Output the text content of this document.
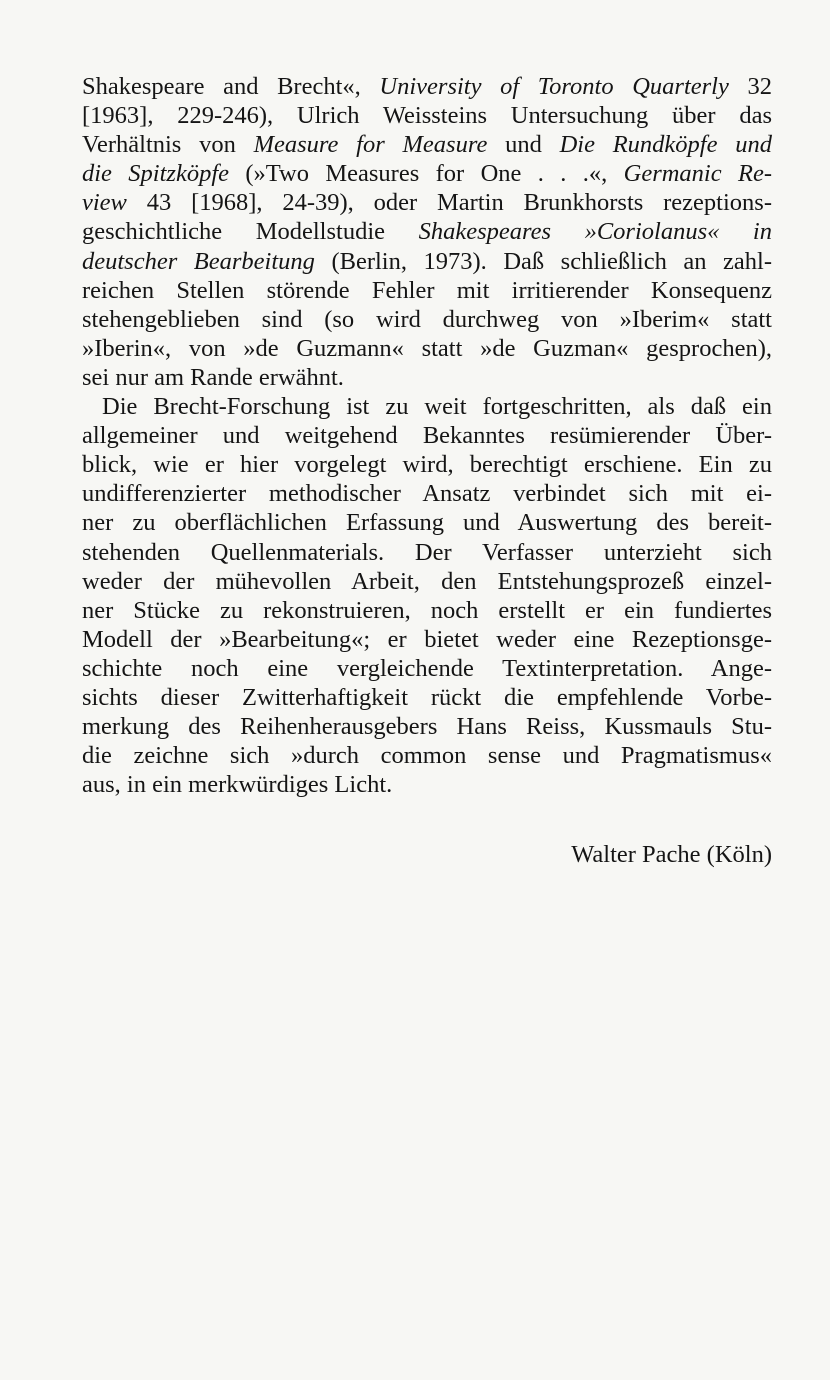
Shakespeare and Brecht«, University of Toronto Quarterly 32
[1963], 229-246), Ulrich Weissteins Untersuchung über das
Verhältnis von Measure for Measure und Die Rundköpfe und
die Spitzköpfe (»Two Measures for One . . .«, Germanic Re-
view 43 [1968], 24-39), oder Martin Brunkhorsts rezeptions-
geschichtliche Modellstudie Shakespeares »Coriolanus« in
deutscher Bearbeitung (Berlin, 1973). Daß schließlich an zahl-
reichen Stellen störende Fehler mit irritierender Konsequenz
stehengeblieben sind (so wird durchweg von »Iberim« statt
»Iberin«, von »de Guzmann« statt »de Guzman« gesprochen),
sei nur am Rande erwähnt.
Die Brecht-Forschung ist zu weit fortgeschritten, als daß ein
allgemeiner und weitgehend Bekanntes resümierender Über-
blick, wie er hier vorgelegt wird, berechtigt erschiene. Ein zu
undifferenzierter methodischer Ansatz verbindet sich mit ei-
ner zu oberflächlichen Erfassung und Auswertung des bereit-
stehenden Quellenmaterials. Der Verfasser unterzieht sich
weder der mühevollen Arbeit, den Entstehungsprozeß einzel-
ner Stücke zu rekonstruieren, noch erstellt er ein fundiertes
Modell der »Bearbeitung«; er bietet weder eine Rezeptionsge-
schichte noch eine vergleichende Textinterpretation. Ange-
sichts dieser Zwitterhaftigkeit rückt die empfehlende Vorbe-
merkung des Reihenherausgebers Hans Reiss, Kussmauls Stu-
die zeichne sich »durch common sense und Pragmatismus«
aus, in ein merkwürdiges Licht.
Walter Pache (Köln)
